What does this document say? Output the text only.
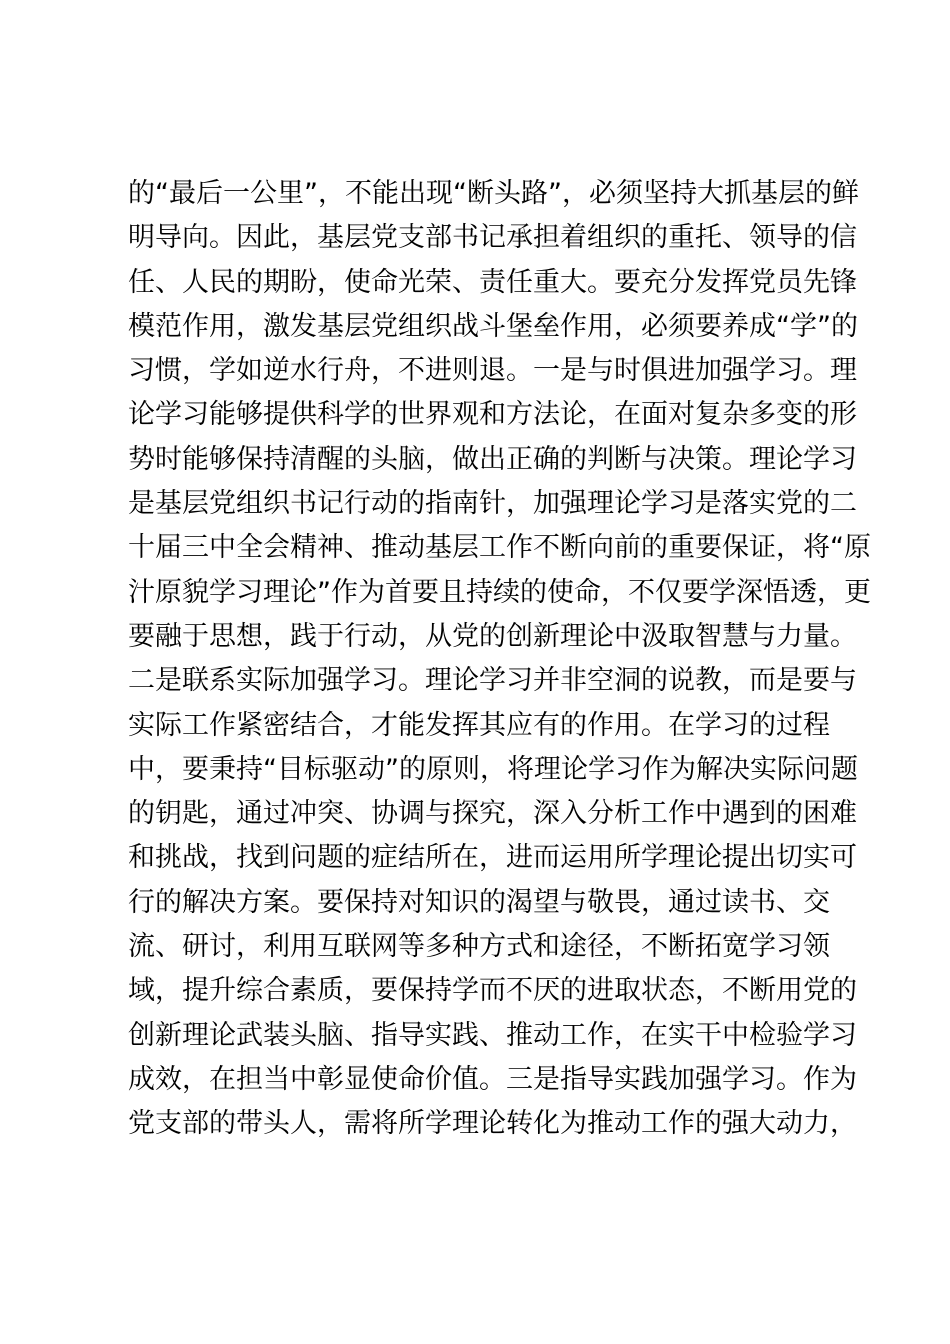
的“最后一公里”，不能出现“断头路”，必须坚持大抓基层的鲜
明导向。因此，基层党支部书记承担着组织的重托、领导的信
任、人民的期盼，使命光荣、责任重大。要充分发挥党员先锋
模范作用，激发基层党组织战斗堡垒作用，必须要养成“学”的
习惯，学如逆水行舟，不进则退。一是与时俱进加强学习。理
论学习能够提供科学的世界观和方法论，在面对复杂多变的形
势时能够保持清醒的头脑，做出正确的判断与决策。理论学习
是基层党组织书记行动的指南针，加强理论学习是落实党的二
十届三中全会精神、推动基层工作不断向前的重要保证，将“原
汁原貌学习理论”作为首要且持续的使命，不仅要学深悟透，更
要融于思想，践于行动，从党的创新理论中汲取智慧与力量。
二是联系实际加强学习。理论学习并非空洞的说教，而是要与
实际工作紧密结合，才能发挥其应有的作用。在学习的过程
中，要秉持“目标驱动”的原则，将理论学习作为解决实际问题
的钥匙，通过冲突、协调与探究，深入分析工作中遇到的困难
和挑战，找到问题的症结所在，进而运用所学理论提出切实可
行的解决方案。要保持对知识的渴望与敬畏，通过读书、交
流、研讨，利用互联网等多种方式和途径，不断拓宽学习领
域，提升综合素质，要保持学而不厌的进取状态，不断用党的
创新理论武装头脑、指导实践、推动工作，在实干中检验学习
成效，在担当中彰显使命价值。三是指导实践加强学习。作为
党支部的带头人，需将所学理论转化为推动工作的强大动力，
